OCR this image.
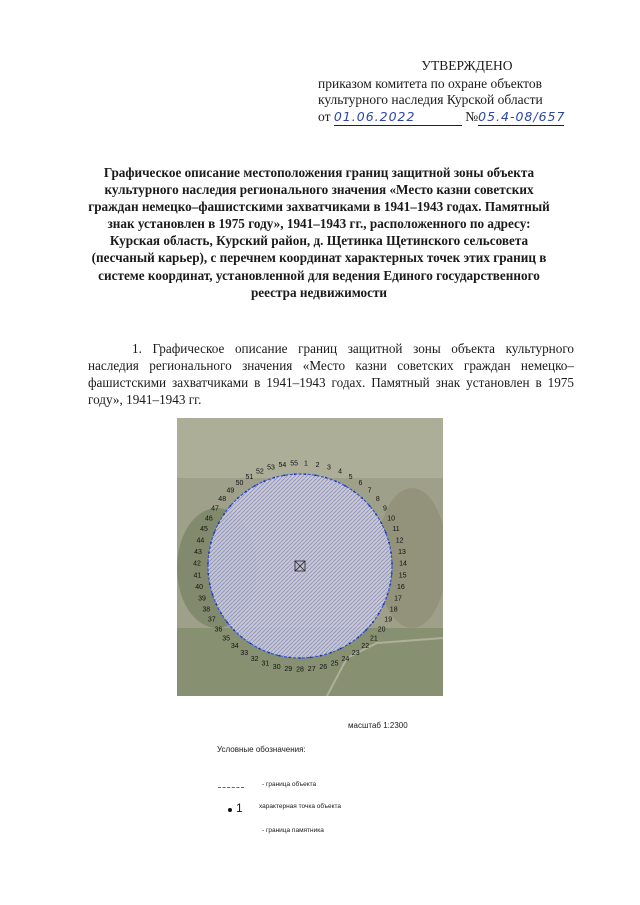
УТВЕРЖДЕНО
приказом комитета по охране объектов
культурного наследия Курской области
от 01.06.2022	№05.4-08/657
Графическое описание местоположения границ защитной зоны объекта культурного наследия регионального значения «Место казни советских граждан немецко–фашистскими захватчиками в 1941–1943 годах. Памятный знак установлен в 1975 году», 1941–1943 гг., расположенного по адресу: Курская область, Курский район, д. Щетинка Щетинского сельсовета (песчаный карьер), с перечнем координат характерных точек этих границ в системе координат, установленной для ведения Единого государственного реестра недвижимости
1. Графическое описание границ защитной зоны объекта культурного наследия регионального значения «Место казни советских граждан немецко–фашистскими захватчиками в 1941–1943 годах. Памятный знак установлен в 1975 году», 1941–1943 гг.
1 2 3
4
5
6
7
8
9
10
11
12
13
14
15
16
17
18
19
20
21
22
23
24
25
26
27
28
29
30
31
32
33
34
35
36
37
38
39
40
41
42
43
44
45
46
47
48
49
50
51
52
53 54 55
масштаб 1:2300
Условные обозначения:
- граница объекта
1	характерная точка объекта
- граница памятника
